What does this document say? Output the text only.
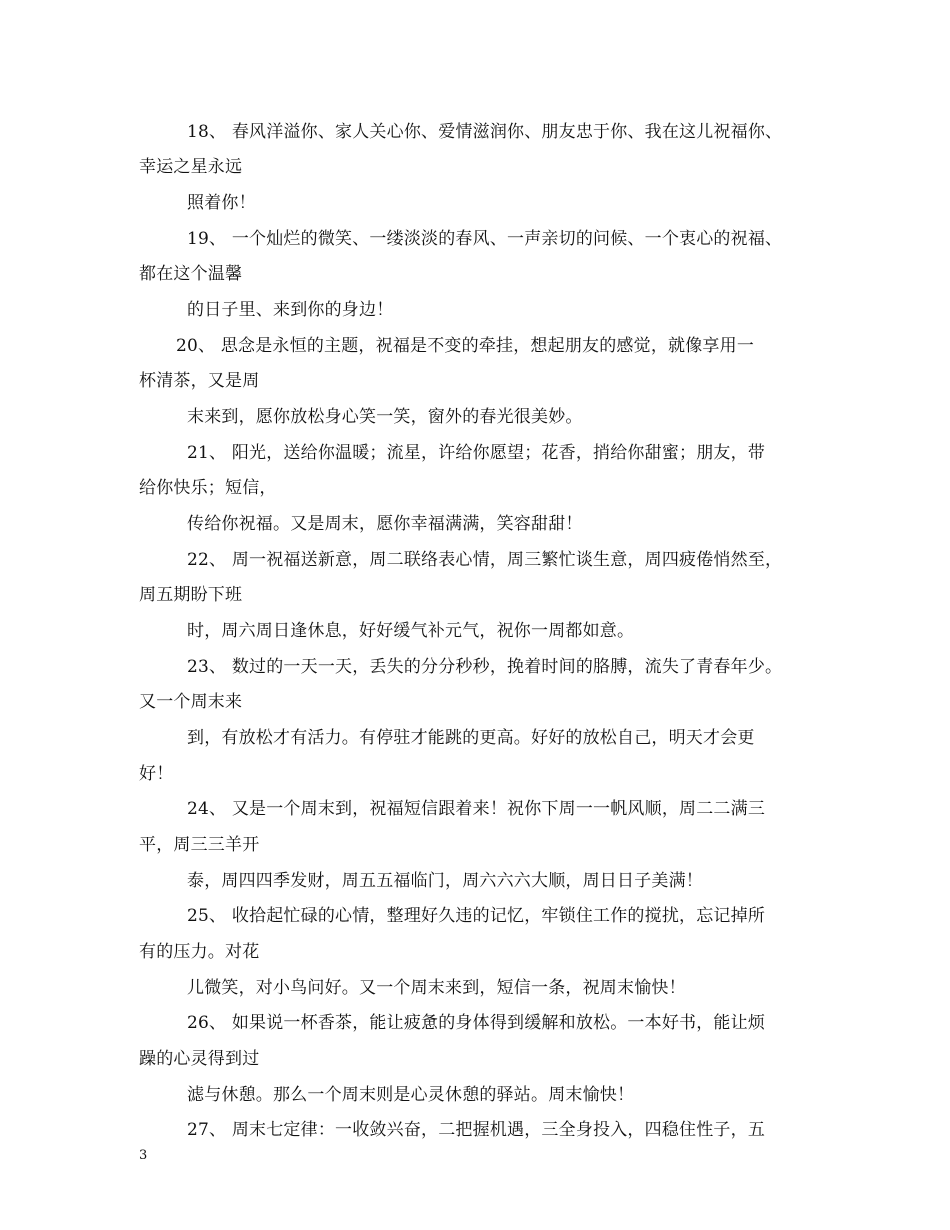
18、 春风洋溢你、家人关心你、爱情滋润你、朋友忠于你、我在这儿祝福你、
幸运之星永远
照着你！
19、 一个灿烂的微笑、一缕淡淡的春风、一声亲切的问候、一个衷心的祝福、
都在这个温馨
的日子里、来到你的身边！
20、 思念是永恒的主题，祝福是不变的牵挂，想起朋友的感觉，就像享用一
杯清茶，又是周
末来到，愿你放松身心笑一笑，窗外的春光很美妙。
21、 阳光，送给你温暖；流星，许给你愿望；花香，捎给你甜蜜；朋友，带
给你快乐；短信，
传给你祝福。又是周末，愿你幸福满满，笑容甜甜！
22、 周一祝福送新意，周二联络表心情，周三繁忙谈生意，周四疲倦悄然至，
周五期盼下班
时，周六周日逢休息，好好缓气补元气，祝你一周都如意。
23、 数过的一天一天，丢失的分分秒秒，挽着时间的胳膊，流失了青春年少。
又一个周末来
到，有放松才有活力。有停驻才能跳的更高。好好的放松自己，明天才会更
好！
24、 又是一个周末到，祝福短信跟着来！祝你下周一一帆风顺，周二二满三
平，周三三羊开
泰，周四四季发财，周五五福临门，周六六六大顺，周日日子美满！
25、 收拾起忙碌的心情，整理好久违的记忆，牢锁住工作的搅扰，忘记掉所
有的压力。对花
儿微笑，对小鸟问好。又一个周末来到，短信一条，祝周末愉快！
26、 如果说一杯香茶，能让疲惫的身体得到缓解和放松。一本好书，能让烦
躁的心灵得到过
滤与休憩。那么一个周末则是心灵休憩的驿站。周末愉快！
27、 周末七定律：一收敛兴奋，二把握机遇，三全身投入，四稳住性子，五
3
